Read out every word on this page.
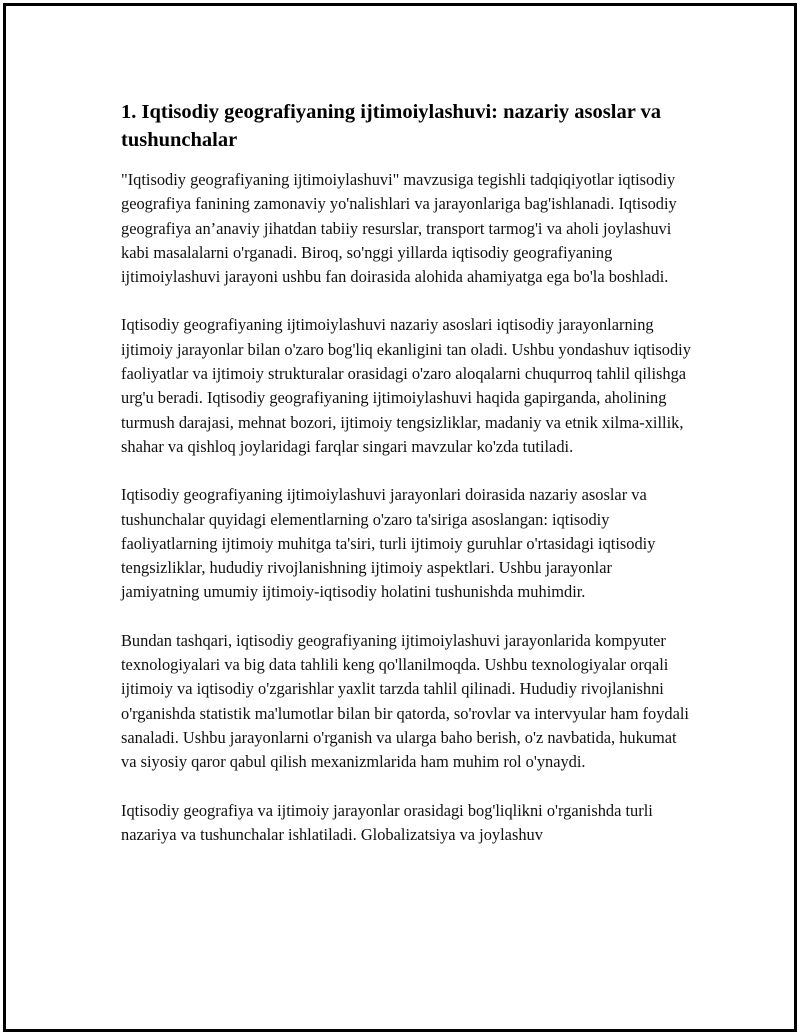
1. Iqtisodiy geografiyaning ijtimoiylashuvi: nazariy asoslar va tushunchalar

"Iqtisodiy geografiyaning ijtimoiylashuvi" mavzusiga tegishli tadqiqiyotlar iqtisodiy geografiya fanining zamonaviy yo'nalishlari va jarayonlariga bag'ishlanadi. Iqtisodiy geografiya an’anaviy jihatdan tabiiy resurslar, transport tarmog'i va aholi joylashuvi kabi masalalarni o'rganadi. Biroq, so'nggi yillarda iqtisodiy geografiyaning ijtimoiylashuvi jarayoni ushbu fan doirasida alohida ahamiyatga ega bo'la boshladi.

Iqtisodiy geografiyaning ijtimoiylashuvi nazariy asoslari iqtisodiy jarayonlarning ijtimoiy jarayonlar bilan o'zaro bog'liq ekanligini tan oladi. Ushbu yondashuv iqtisodiy faoliyatlar va ijtimoiy strukturalar orasidagi o'zaro aloqalarni chuqurroq tahlil qilishga urg'u beradi. Iqtisodiy geografiyaning ijtimoiylashuvi haqida gapirganda, aholining turmush darajasi, mehnat bozori, ijtimoiy tengsizliklar, madaniy va etnik xilma-xillik, shahar va qishloq joylaridagi farqlar singari mavzular ko'zda tutiladi.

Iqtisodiy geografiyaning ijtimoiylashuvi jarayonlari doirasida nazariy asoslar va tushunchalar quyidagi elementlarning o'zaro ta'siriga asoslangan: iqtisodiy faoliyatlarning ijtimoiy muhitga ta'siri, turli ijtimoiy guruhlar o'rtasidagi iqtisodiy tengsizliklar, hududiy rivojlanishning ijtimoiy aspektlari. Ushbu jarayonlar jamiyatning umumiy ijtimoiy-iqtisodiy holatini tushunishda muhimdir.

Bundan tashqari, iqtisodiy geografiyaning ijtimoiylashuvi jarayonlarida kompyuter texnologiyalari va big data tahlili keng qo'llanilmoqda. Ushbu texnologiyalar orqali ijtimoiy va iqtisodiy o'zgarishlar yaxlit tarzda tahlil qilinadi. Hududiy rivojlanishni o'rganishda statistik ma'lumotlar bilan bir qatorda, so'rovlar va intervyular ham foydali sanaladi. Ushbu jarayonlarni o'rganish va ularga baho berish, o'z navbatida, hukumat va siyosiy qaror qabul qilish mexanizmlarida ham muhim rol o'ynaydi.

Iqtisodiy geografiya va ijtimoiy jarayonlar orasidagi bog'liqlikni o'rganishda turli nazariya va tushunchalar ishlatiladi. Globalizatsiya va joylashuv
